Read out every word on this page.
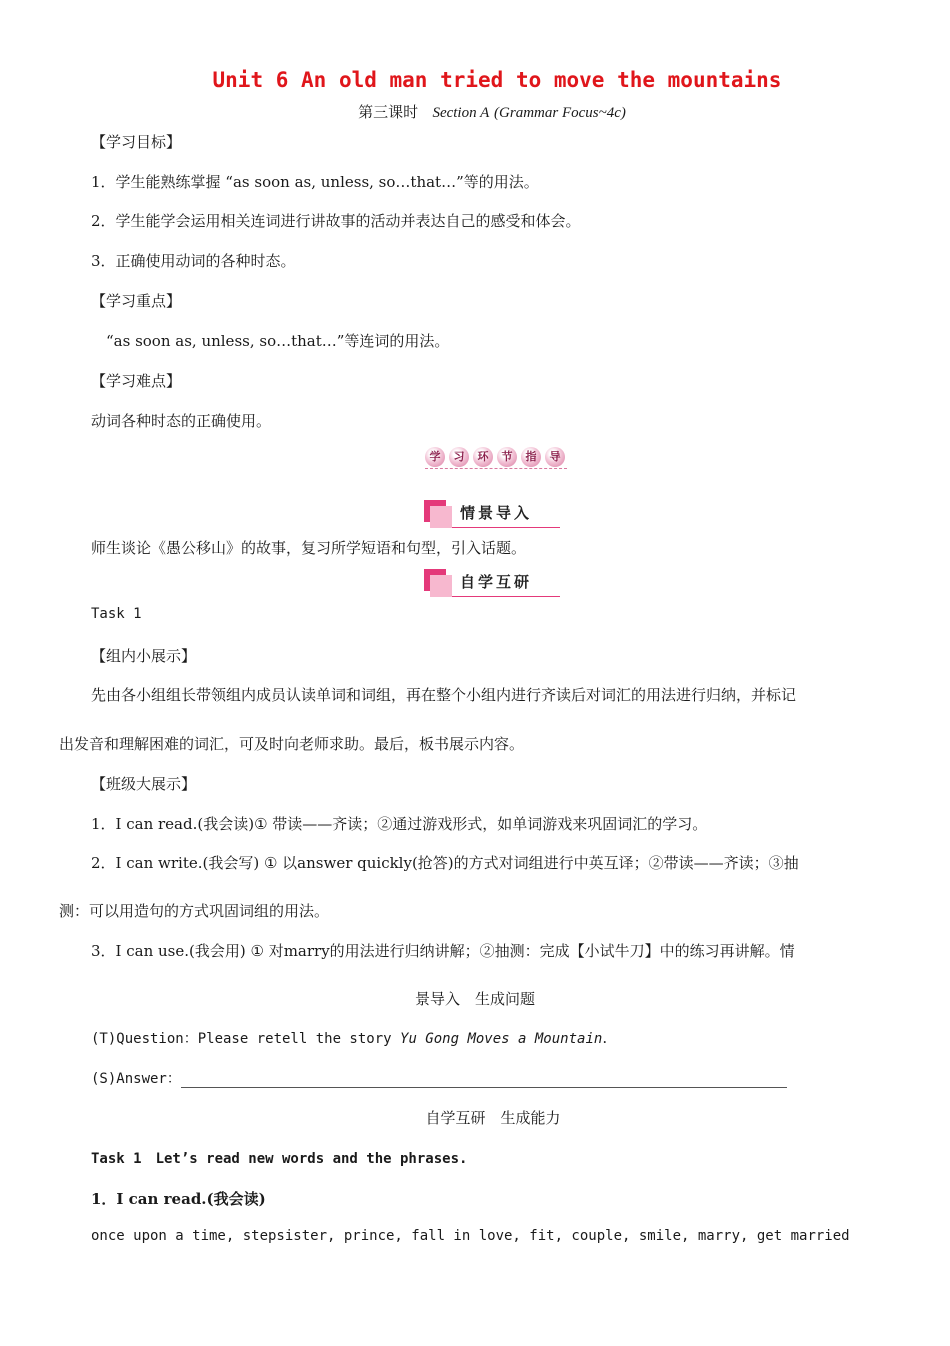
Unit 6 An old man tried to move the mountains
第三课时 Section A (Grammar Focus~4c)
【学习目标】
1．学生能熟练掌握 “as soon as, unless, so…that…”等的用法。
2．学生能学会运用相关连词进行讲故事的活动并表达自己的感受和体会。
3．正确使用动词的各种时态。
【学习重点】
“as soon as, unless, so…that…”等连词的用法。
【学习难点】
动词各种时态的正确使用。
学 习 环 节 指 导
情景导入
师生谈论《愚公移山》的故事，复习所学短语和句型，引入话题。
自学互研
Task 1
【组内小展示】
先由各小组组长带领组内成员认读单词和词组，再在整个小组内进行齐读后对词汇的用法进行归纳，并标记
出发音和理解困难的词汇，可及时向老师求助。最后，板书展示内容。
【班级大展示】
1．I can read.(我会读)① 带读——齐读；②通过游戏形式，如单词游戏来巩固词汇的学习。
2．I can write.(我会写) ① 以answer quickly(抢答)的方式对词组进行中英互译；②带读——齐读；③抽
测：可以用造句的方式巩固词组的用法。
3．I can use.(我会用) ① 对marry的用法进行归纳讲解；②抽测：完成【小试牛刀】中的练习再讲解。情
景导入　生成问题
(T)Question：Please retell the story Yu Gong Moves a Mountain.
(S)Answer：
自学互研　生成能力
Task 1　Let’s read new words and the phrases.
1．I can read.(我会读)
once upon a time, stepsister, prince, fall in love, fit, couple, smile, marry, get married
